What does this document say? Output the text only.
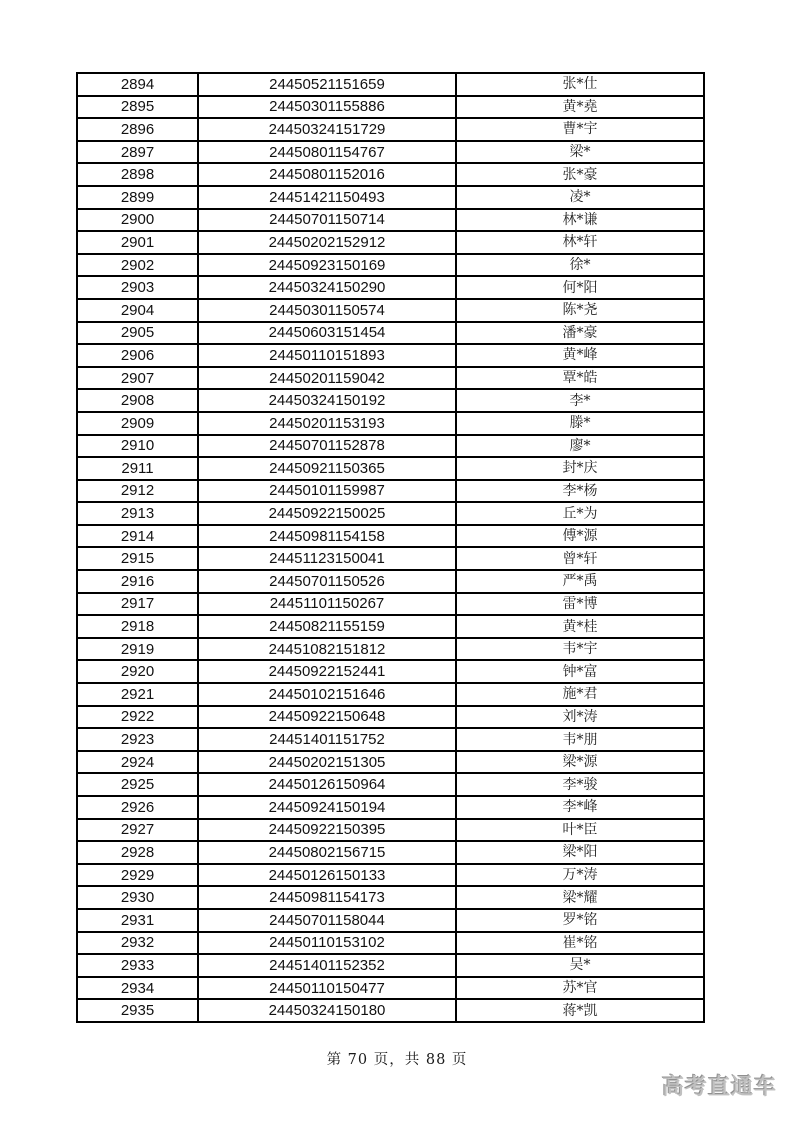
2894	24450521151659	张*仕
2895	24450301155886	黄*堯
2896	24450324151729	曹*宇
2897	24450801154767	梁*
2898	24450801152016	张*豪
2899	24451421150493	凌*
2900	24450701150714	林*谦
2901	24450202152912	林*轩
2902	24450923150169	徐*
2903	24450324150290	何*阳
2904	24450301150574	陈*尧
2905	24450603151454	潘*豪
2906	24450110151893	黄*峰
2907	24450201159042	覃*皓
2908	24450324150192	李*
2909	24450201153193	滕*
2910	24450701152878	廖*
2911	24450921150365	封*庆
2912	24450101159987	李*杨
2913	24450922150025	丘*为
2914	24450981154158	傅*源
2915	24451123150041	曾*轩
2916	24450701150526	严*禹
2917	24451101150267	雷*博
2918	24450821155159	黄*桂
2919	24451082151812	韦*宇
2920	24450922152441	钟*富
2921	24450102151646	施*君
2922	24450922150648	刘*涛
2923	24451401151752	韦*朋
2924	24450202151305	梁*源
2925	24450126150964	李*骏
2926	24450924150194	李*峰
2927	24450922150395	叶*臣
2928	24450802156715	梁*阳
2929	24450126150133	万*涛
2930	24450981154173	梁*耀
2931	24450701158044	罗*铭
2932	24450110153102	崔*铭
2933	24451401152352	吴*
2934	24450110150477	苏*官
2935	24450324150180	蒋*凯
第 70 页，共 88 页
高考直通车
